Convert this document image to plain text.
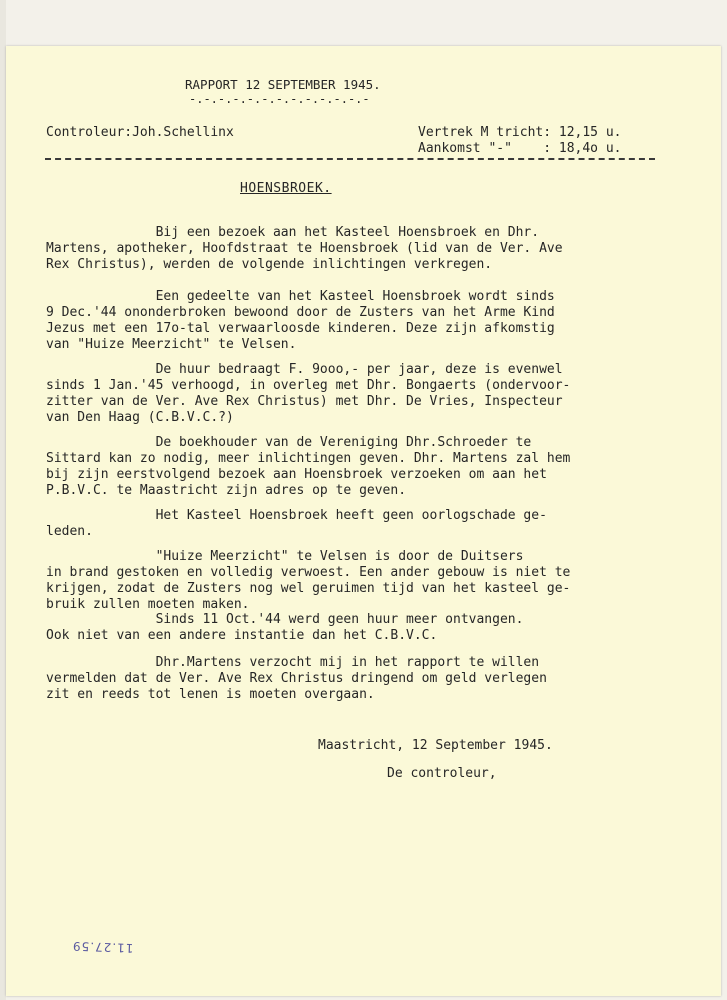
RAPPORT 12 SEPTEMBER 1945.
-.-.-.-.-.-.-.-.-.-.-.-.-
Controleur:Joh.Schellinx	Vertrek M tricht: 12,15 u.
Aankomst "-"    : 18,4o u.
HOENSBROEK.
Bij een bezoek aan het Kasteel Hoensbroek en Dhr.
Martens, apotheker, Hoofdstraat te Hoensbroek (lid van de Ver. Ave
Rex Christus), werden de volgende inlichtingen verkregen.
Een gedeelte van het Kasteel Hoensbroek wordt sinds
9 Dec.'44 ononderbroken bewoond door de Zusters van het Arme Kind
Jezus met een 17o-tal verwaarloosde kinderen. Deze zijn afkomstig
van "Huize Meerzicht" te Velsen.
De huur bedraagt F. 9ooo,- per jaar, deze is evenwel
sinds 1 Jan.'45 verhoogd, in overleg met Dhr. Bongaerts (ondervoor-
zitter van de Ver. Ave Rex Christus) met Dhr. De Vries, Inspecteur
van Den Haag (C.B.V.C.?)
De boekhouder van de Vereniging Dhr.Schroeder te
Sittard kan zo nodig, meer inlichtingen geven. Dhr. Martens zal hem
bij zijn eerstvolgend bezoek aan Hoensbroek verzoeken om aan het
P.B.V.C. te Maastricht zijn adres op te geven.
Het Kasteel Hoensbroek heeft geen oorlogschade ge-
leden.
"Huize Meerzicht" te Velsen is door de Duitsers
in brand gestoken en volledig verwoest. Een ander gebouw is niet te
krijgen, zodat de Zusters nog wel geruimen tijd van het kasteel ge-
bruik zullen moeten maken.
Sinds 11 Oct.'44 werd geen huur meer ontvangen.
Ook niet van een andere instantie dan het C.B.V.C.
Dhr.Martens verzocht mij in het rapport te willen
vermelden dat de Ver. Ave Rex Christus dringend om geld verlegen
zit en reeds tot lenen is moeten overgaan.
Maastricht, 12 September 1945.
De controleur,
11.27.59
